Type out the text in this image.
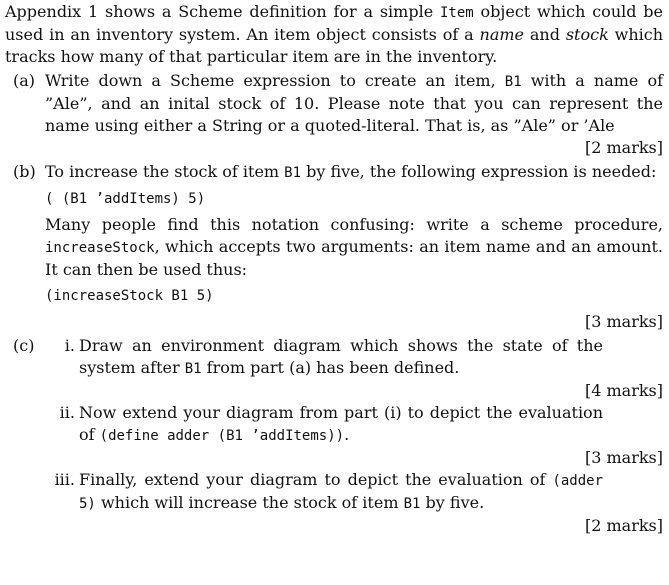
Appendix 1 shows a Scheme definition for a simple Item object which could be used in an inventory system. An item object consists of a name and stock which tracks how many of that particular item are in the inventory.

(a) Write down a Scheme expression to create an item, B1 with a name of ”Ale”, and an inital stock of 10. Please note that you can represent the name using either a String or a quoted-literal. That is, as ”Ale” or ’Ale

[2 marks]
(b) To increase the stock of item B1 by five, the following expression is needed:

( (B1 ’addItems) 5)

Many people find this notation confusing: write a scheme procedure, increaseStock, which accepts two arguments: an item name and an amount. It can then be used thus:

(increaseStock B1 5)

[3 marks]
(c)	i. Draw an environment diagram which shows the state of the system after B1 from part (a) has been defined.

[4 marks]
ii. Now extend your diagram from part (i) to depict the evaluation of (define adder (B1 ’addItems)).

[3 marks]
iii. Finally, extend your diagram to depict the evaluation of (adder 5) which will increase the stock of item B1 by five.

[2 marks]
